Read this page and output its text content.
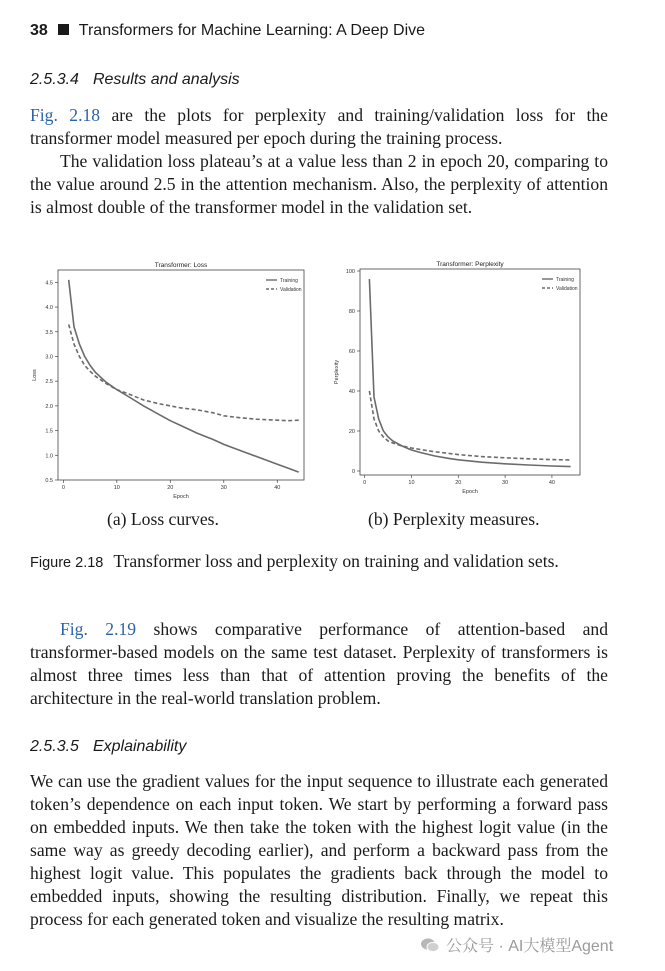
38 Transformers for Machine Learning: A Deep Dive
2.5.3.4 Results and analysis

Fig. 2.18 are the plots for perplexity and training/validation loss for the transformer model measured per epoch during the training process.

The validation loss plateau’s at a value less than 2 in epoch 20, comparing to the value around 2.5 in the attention mechanism. Also, the perplexity of attention is almost double of the transformer model in the validation set.

Transformer: Loss
0	10	20	30	40
0.5
1.0
1.5
2.0
2.5
3.0
3.5
4.0
4.5
Epoch
Loss
Training
Validation
Transformer: Perplexity
0	10	20	30	40
0
20
40
60
80
100
Epoch
Perplexity
Training
Validation
(a) Loss curves.	(b) Perplexity measures.
Figure 2.18 Transformer loss and perplexity on training and validation sets.

Fig. 2.19 shows comparative performance of attention-based and transformer-based models on the same test dataset. Perplexity of transformers is almost three times less than that of attention proving the benefits of the architecture in the real-world translation problem.

2.5.3.5 Explainability

We can use the gradient values for the input sequence to illustrate each generated token’s dependence on each input token. We start by performing a forward pass on embedded inputs. We then take the token with the highest logit value (in the same way as greedy decoding earlier), and perform a backward pass from the highest logit value. This populates the gradients back through the model to embedded inputs, showing the resulting distribution. Finally, we repeat this process for each generated token and visualize the resulting matrix.

公众号 · AI大模型Agent
